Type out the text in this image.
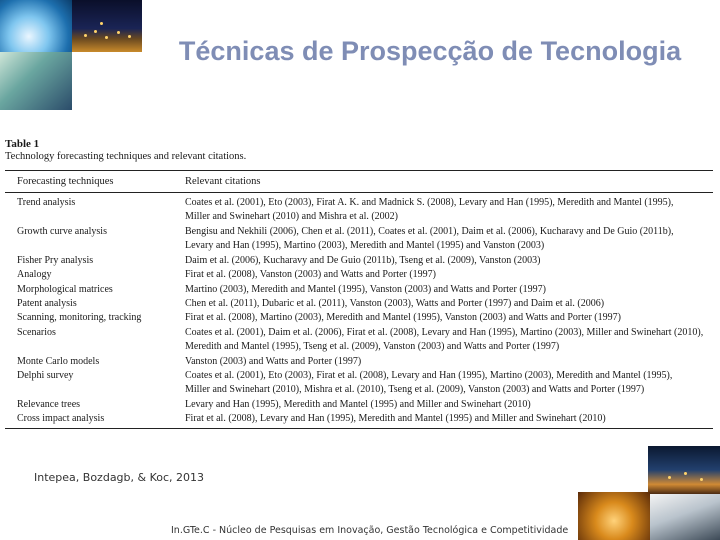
Técnicas de Prospecção de Tecnologia
Table 1
Technology forecasting techniques and relevant citations.
Forecasting techniques	Relevant citations
Trend analysis	Coates et al. (2001), Eto (2003), Firat A. K. and Madnick S. (2008), Levary and Han (1995), Meredith and Mantel (1995),
Miller and Swinehart (2010) and Mishra et al. (2002)
Growth curve analysis	Bengisu and Nekhili (2006), Chen et al. (2011), Coates et al. (2001), Daim et al. (2006), Kucharavy and De Guio (2011b),
Levary and Han (1995), Martino (2003), Meredith and Mantel (1995) and Vanston (2003)
Fisher Pry analysis	Daim et al. (2006), Kucharavy and De Guio (2011b), Tseng et al. (2009), Vanston (2003)
Analogy	Firat et al. (2008), Vanston (2003) and Watts and Porter (1997)
Morphological matrices	Martino (2003), Meredith and Mantel (1995), Vanston (2003) and Watts and Porter (1997)
Patent analysis	Chen et al. (2011), Dubaric et al. (2011), Vanston (2003), Watts and Porter (1997) and Daim et al. (2006)
Scanning, monitoring, tracking	Firat et al. (2008), Martino (2003), Meredith and Mantel (1995), Vanston (2003) and Watts and Porter (1997)
Scenarios	Coates et al. (2001), Daim et al. (2006), Firat et al. (2008), Levary and Han (1995), Martino (2003), Miller and Swinehart (2010),
Meredith and Mantel (1995), Tseng et al. (2009), Vanston (2003) and Watts and Porter (1997)
Monte Carlo models	Vanston (2003) and Watts and Porter (1997)
Delphi survey	Coates et al. (2001), Eto (2003), Firat et al. (2008), Levary and Han (1995), Martino (2003), Meredith and Mantel (1995),
Miller and Swinehart (2010), Mishra et al. (2010), Tseng et al. (2009), Vanston (2003) and Watts and Porter (1997)
Relevance trees	Levary and Han (1995), Meredith and Mantel (1995) and Miller and Swinehart (2010)
Cross impact analysis	Firat et al. (2008), Levary and Han (1995), Meredith and Mantel (1995) and Miller and Swinehart (2010)
Intepea, Bozdagb, & Koc, 2013
In.GTe.C - Núcleo de Pesquisas em Inovação, Gestão Tecnológica e Competitividade
